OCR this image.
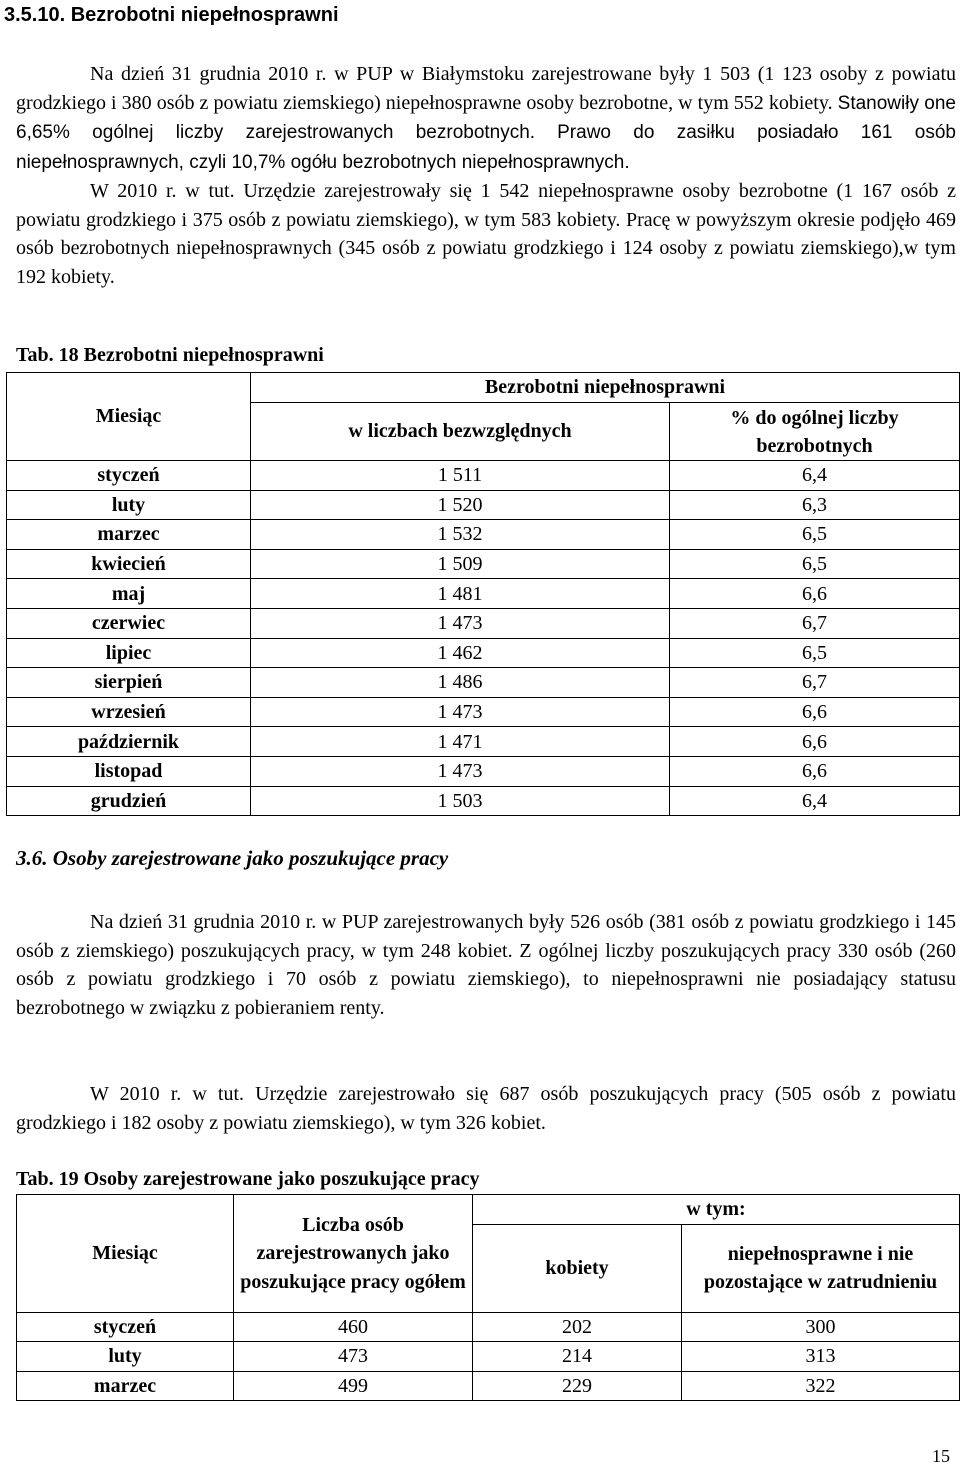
3.5.10. Bezrobotni niepełnosprawni
Na dzień 31 grudnia 2010 r. w PUP w Białymstoku zarejestrowane były 1 503 (1 123 osoby z powiatu grodzkiego i 380 osób z powiatu ziemskiego) niepełnosprawne osoby bezrobotne, w tym 552 kobiety. Stanowiły one 6,65% ogólnej liczby zarejestrowanych bezrobotnych. Prawo do zasiłku posiadało 161 osób niepełnosprawnych, czyli 10,7% ogółu bezrobotnych niepełnosprawnych.
W 2010 r. w tut. Urzędzie zarejestrowały się 1 542 niepełnosprawne osoby bezrobotne (1 167 osób z powiatu grodzkiego i 375 osób z powiatu ziemskiego), w tym 583 kobiety. Pracę w powyższym okresie podjęło 469 osób bezrobotnych niepełnosprawnych (345 osób z powiatu grodzkiego i 124 osoby z powiatu ziemskiego),w tym 192 kobiety.
Tab. 18 Bezrobotni niepełnosprawni
Miesiąc	Bezrobotni niepełnosprawni	
	w liczbach bezwzględnych	% do ogólnej liczby bezrobotnych
styczeń	1 511	6,4
luty	1 520	6,3
marzec	1 532	6,5
kwiecień	1 509	6,5
maj	1 481	6,6
czerwiec	1 473	6,7
lipiec	1 462	6,5
sierpień	1 486	6,7
wrzesień	1 473	6,6
październik	1 471	6,6
listopad	1 473	6,6
grudzień	1 503	6,4
3.6. Osoby zarejestrowane jako poszukujące pracy
Na dzień 31 grudnia 2010 r. w PUP zarejestrowanych były 526 osób (381 osób z powiatu grodzkiego i 145 osób z ziemskiego) poszukujących pracy, w tym 248 kobiet. Z ogólnej liczby poszukujących pracy 330 osób (260 osób z powiatu grodzkiego i 70 osób z powiatu ziemskiego), to niepełnosprawni nie posiadający statusu bezrobotnego w związku z pobieraniem renty.
W 2010 r. w tut. Urzędzie zarejestrowało się 687 osób poszukujących pracy (505 osób z powiatu grodzkiego i 182 osoby z powiatu ziemskiego), w tym 326 kobiet.
Tab. 19 Osoby zarejestrowane jako poszukujące pracy
Miesiąc	Liczba osób zarejestrowanych jako poszukujące pracy ogółem	w tym:	
		kobiety	niepełnosprawne i nie pozostające w zatrudnieniu
styczeń	460	202	300
luty	473	214	313
marzec	499	229	322
15
